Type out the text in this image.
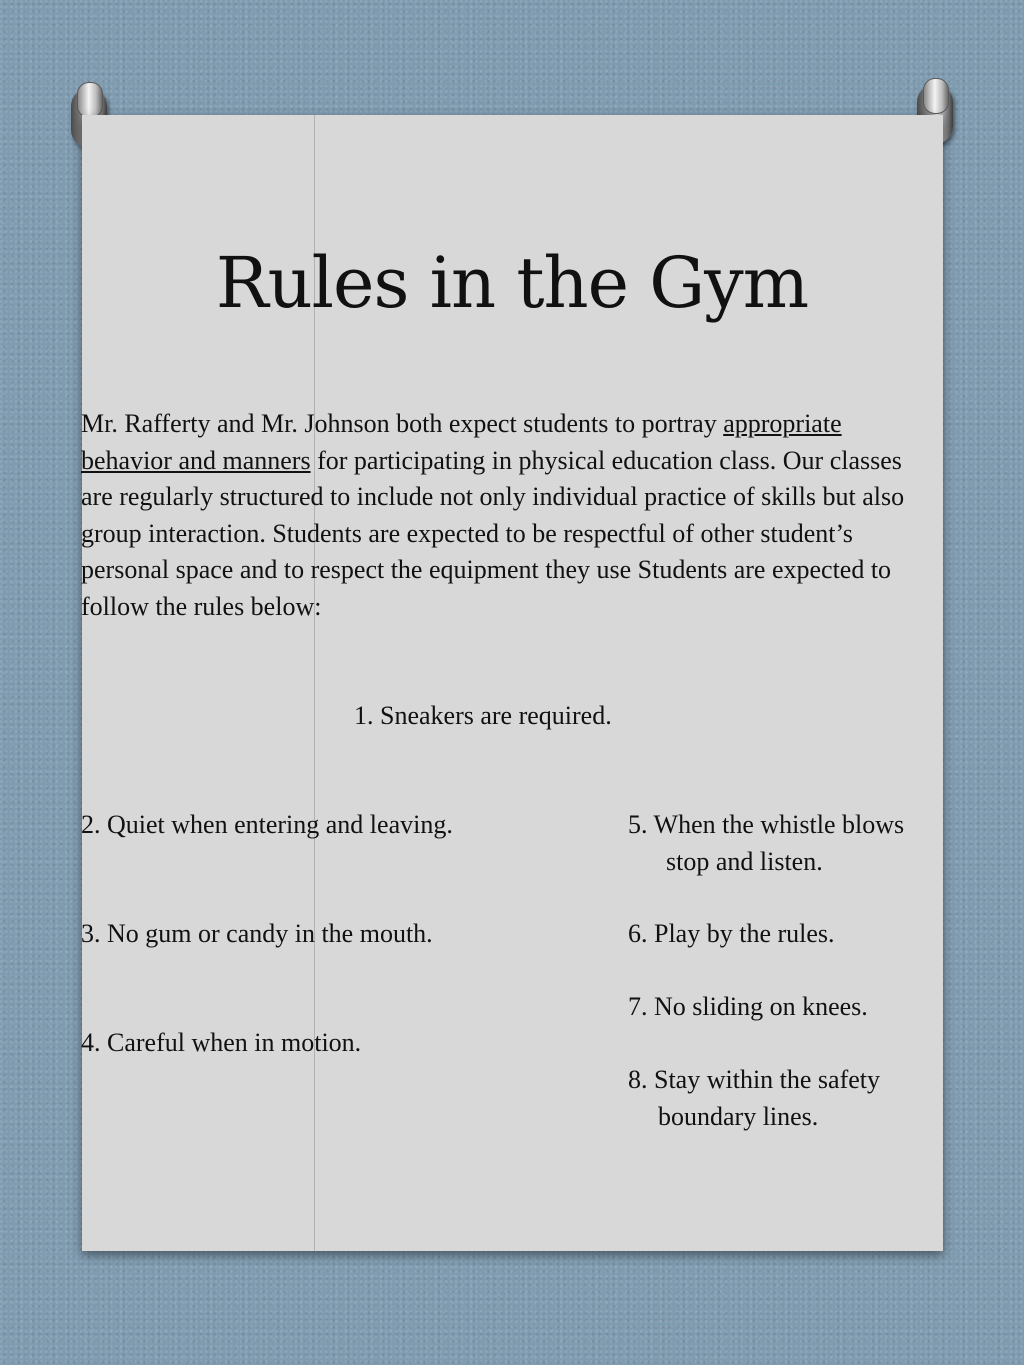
Rules in the Gym

Mr. Rafferty and Mr. Johnson both expect students to portray appropriate behavior and manners for participating in physical education class. Our classes are regularly structured to include not only individual practice of skills but also group interaction. Students are expected to be respectful of other student’s personal space and to respect the equipment they use Students are expected to follow the rules below:

1. Sneakers are required.
2. Quiet when entering and leaving.
3. No gum or candy in the mouth.
4. Careful when in motion.
5. When the whistle blows
stop and listen.
6. Play by the rules.
7. No sliding on knees.
8. Stay within the safety
boundary lines.
